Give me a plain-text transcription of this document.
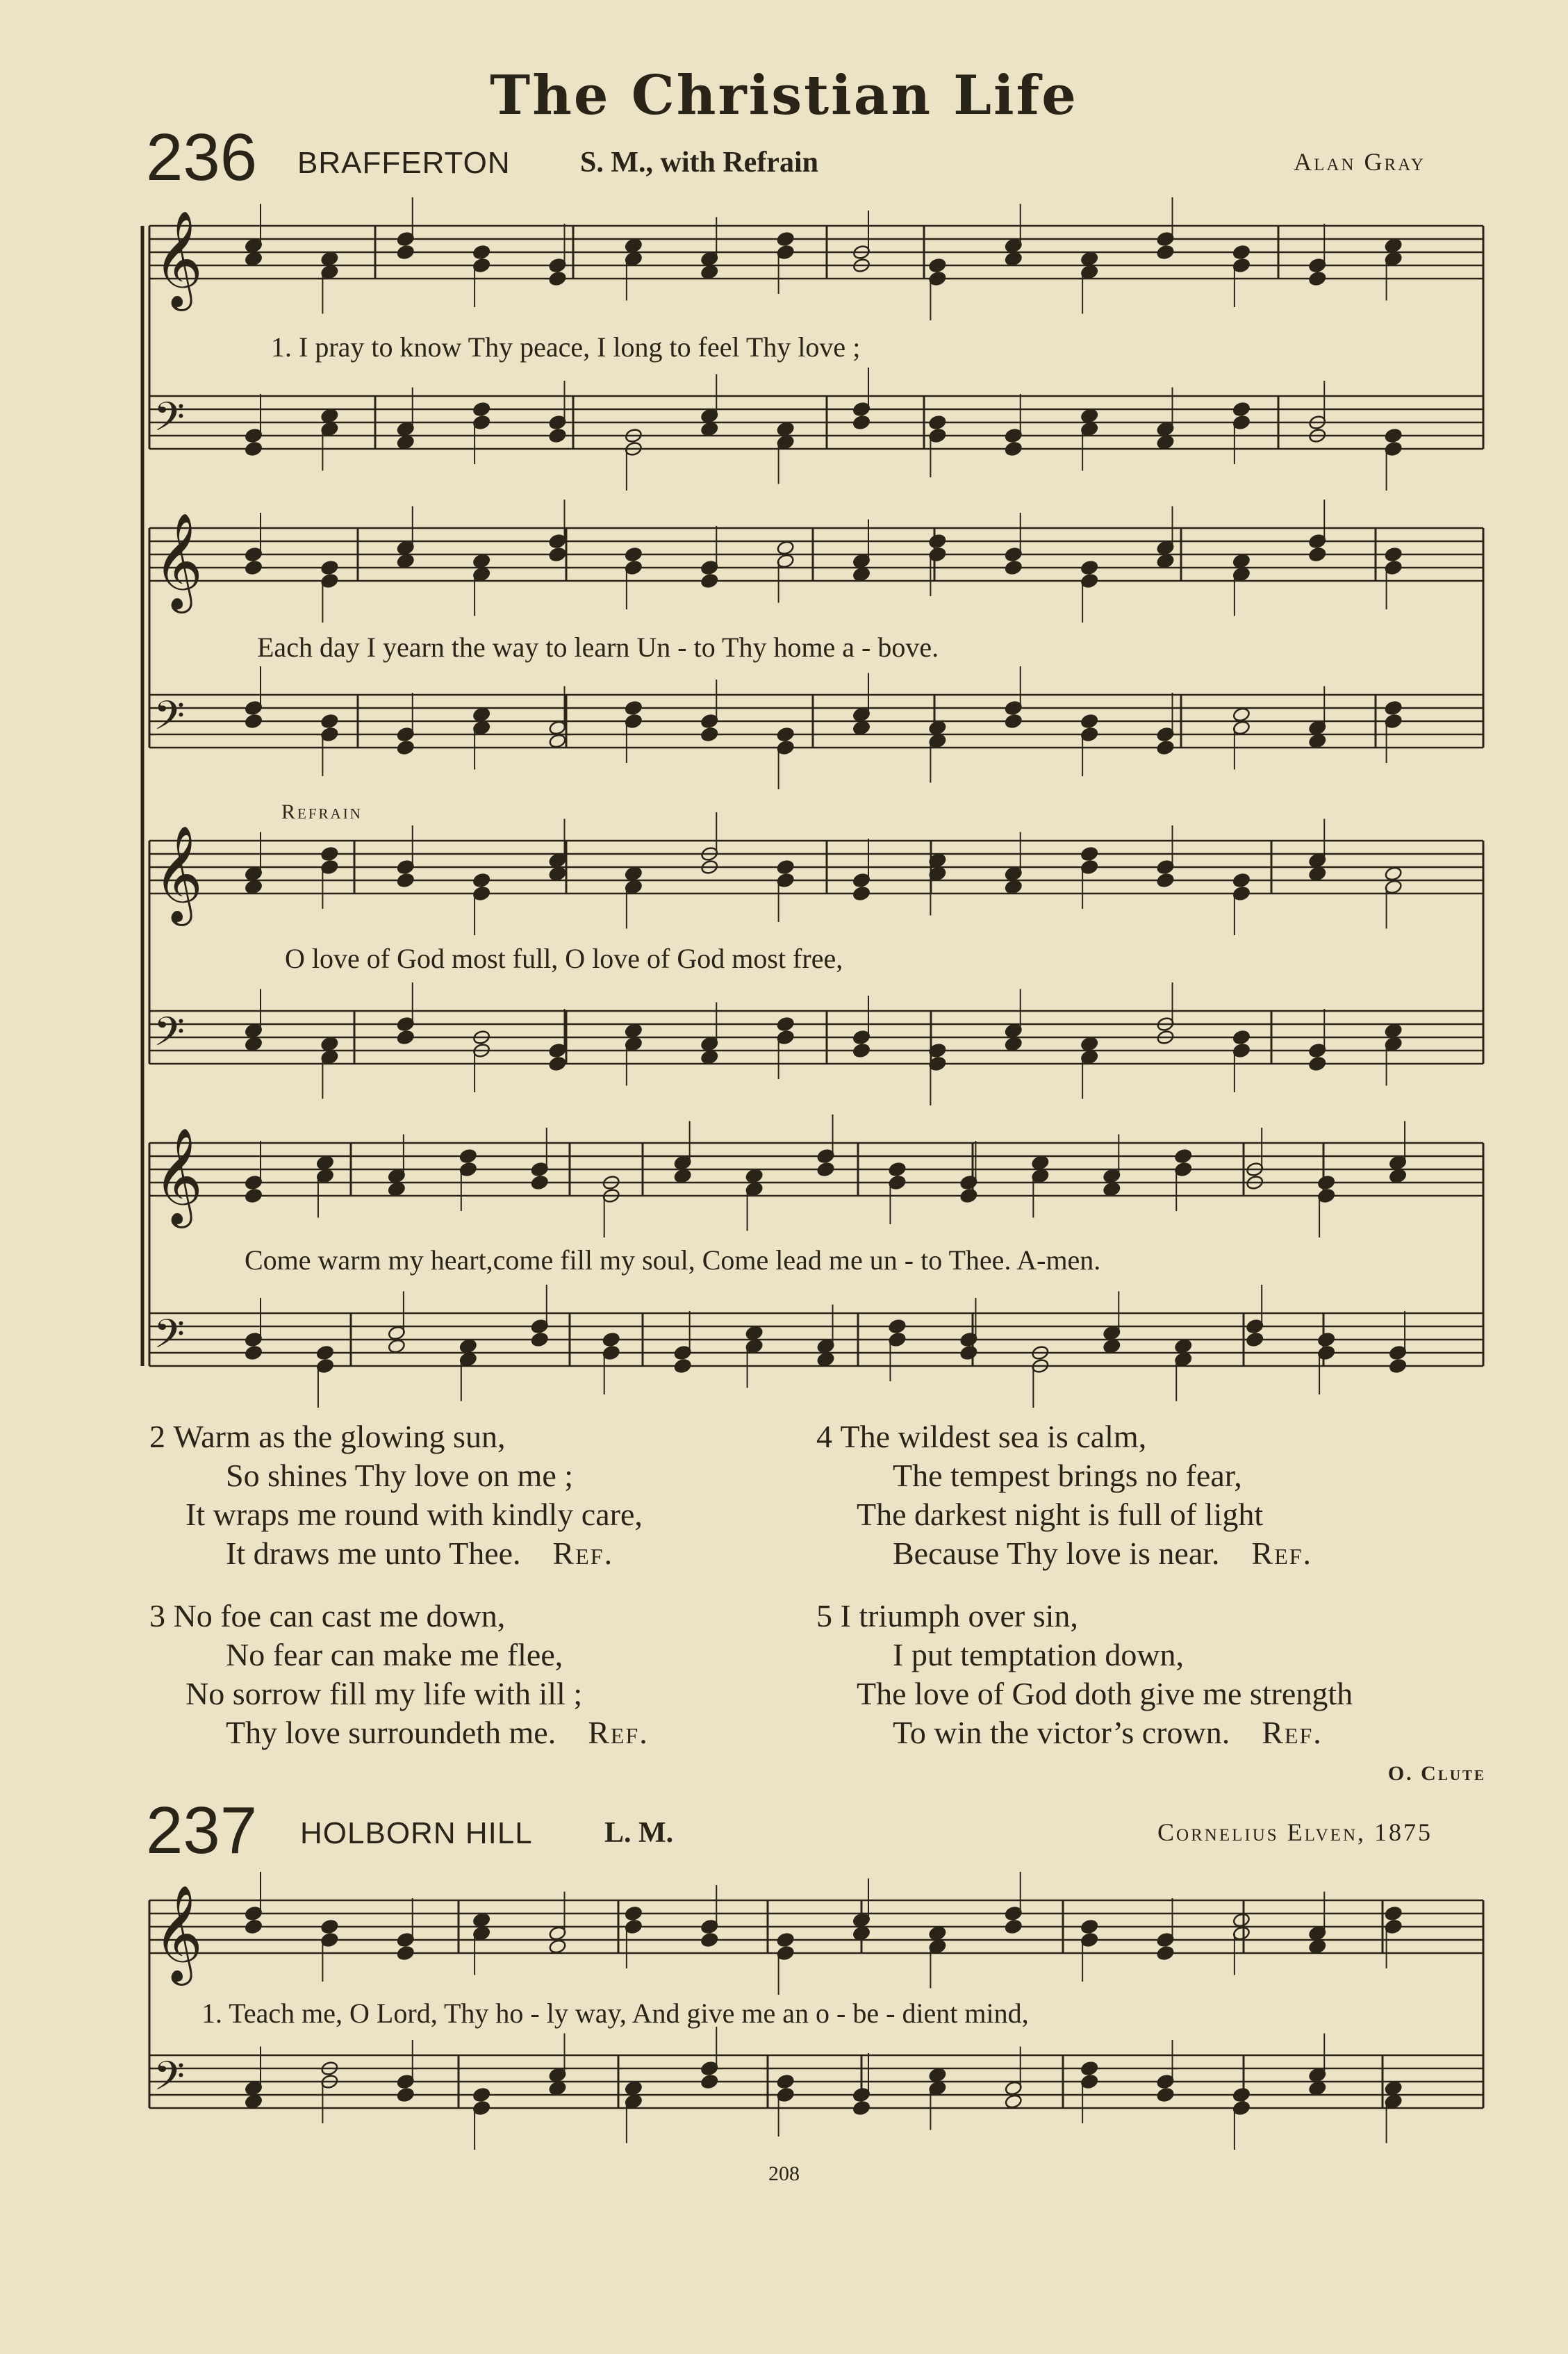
The Christian Life
236 BRAFFERTON S. M., with Refrain	Alan Gray
𝄞
𝄢
𝄞
𝄢
𝄞
𝄢
𝄞
𝄢
𝄞
𝄢
1. I pray to know Thy peace, I long to feel Thy love ;
Each day I yearn the way to learn Un - to Thy home a - bove.
Refrain
O love of God most full, O love of God most free,
Come warm my heart,come fill my soul, Come lead me un - to Thee. A-men.
2 Warm as the glowing sun,
So shines Thy love on me ;
It wraps me round with kindly care,
It draws me unto Thee. Ref.
3 No foe can cast me down,
No fear can make me flee,
No sorrow fill my life with ill ;
Thy love surroundeth me. Ref.
4 The wildest sea is calm,
The tempest brings no fear,
The darkest night is full of light
Because Thy love is near. Ref.
5 I triumph over sin,
I put temptation down,
The love of God doth give me strength
To win the victor’s crown. Ref.
O. Clute
237 HOLBORN HILL L. M.	Cornelius Elven, 1875
1. Teach me, O Lord, Thy ho - ly way, And give me an o - be - dient mind,
208
